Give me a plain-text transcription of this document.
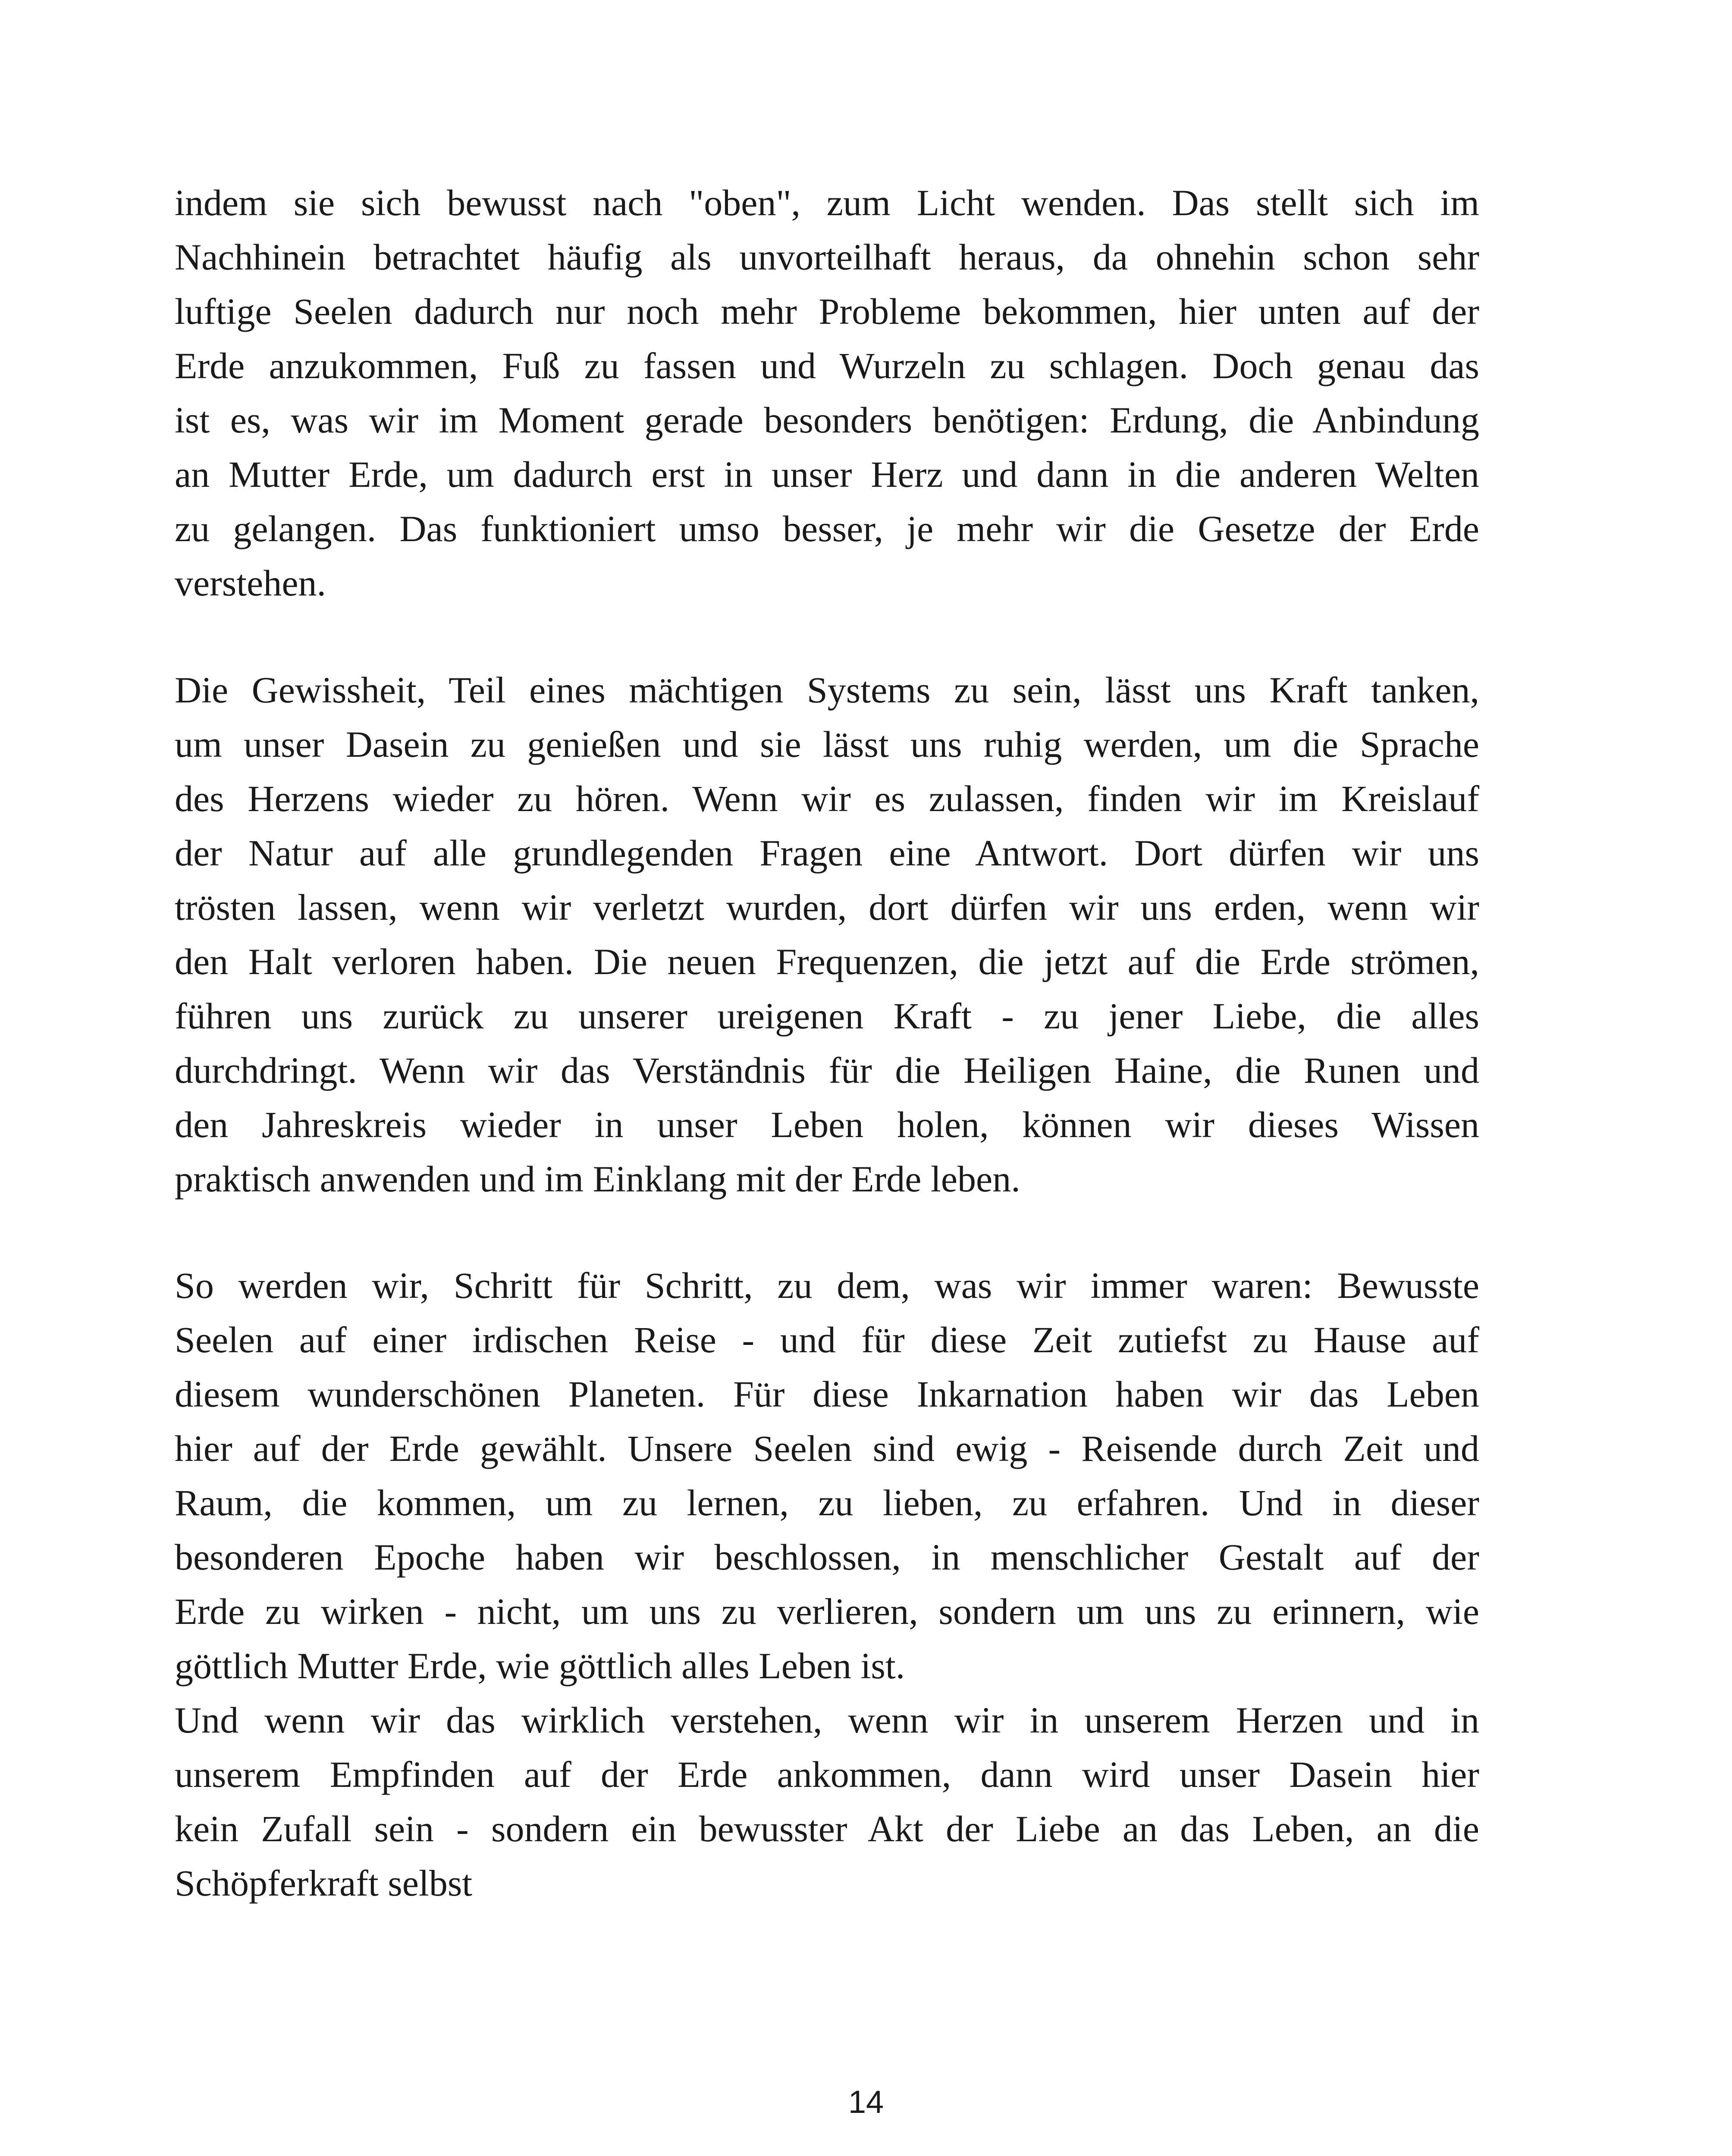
indem sie sich bewusst nach "oben", zum Licht wenden. Das stellt sich im
Nachhinein betrachtet häufig als unvorteilhaft heraus, da ohnehin schon sehr
luftige Seelen dadurch nur noch mehr Probleme bekommen, hier unten auf der
Erde anzukommen, Fuß zu fassen und Wurzeln zu schlagen. Doch genau das
ist es, was wir im Moment gerade besonders benötigen: Erdung, die Anbindung
an Mutter Erde, um dadurch erst in unser Herz und dann in die anderen Welten
zu gelangen. Das funktioniert umso besser, je mehr wir die Gesetze der Erde
verstehen.
Die Gewissheit, Teil eines mächtigen Systems zu sein, lässt uns Kraft tanken,
um unser Dasein zu genießen und sie lässt uns ruhig werden, um die Sprache
des Herzens wieder zu hören. Wenn wir es zulassen, finden wir im Kreislauf
der Natur auf alle grundlegenden Fragen eine Antwort. Dort dürfen wir uns
trösten lassen, wenn wir verletzt wurden, dort dürfen wir uns erden, wenn wir
den Halt verloren haben. Die neuen Frequenzen, die jetzt auf die Erde strömen,
führen uns zurück zu unserer ureigenen Kraft - zu jener Liebe, die alles
durchdringt. Wenn wir das Verständnis für die Heiligen Haine, die Runen und
den Jahreskreis wieder in unser Leben holen, können wir dieses Wissen
praktisch anwenden und im Einklang mit der Erde leben.
So werden wir, Schritt für Schritt, zu dem, was wir immer waren: Bewusste
Seelen auf einer irdischen Reise - und für diese Zeit zutiefst zu Hause auf
diesem wunderschönen Planeten. Für diese Inkarnation haben wir das Leben
hier auf der Erde gewählt. Unsere Seelen sind ewig - Reisende durch Zeit und
Raum, die kommen, um zu lernen, zu lieben, zu erfahren. Und in dieser
besonderen Epoche haben wir beschlossen, in menschlicher Gestalt auf der
Erde zu wirken - nicht, um uns zu verlieren, sondern um uns zu erinnern, wie
göttlich Mutter Erde, wie göttlich alles Leben ist.
Und wenn wir das wirklich verstehen, wenn wir in unserem Herzen und in
unserem Empfinden auf der Erde ankommen, dann wird unser Dasein hier
kein Zufall sein - sondern ein bewusster Akt der Liebe an das Leben, an die
Schöpferkraft selbst
14
